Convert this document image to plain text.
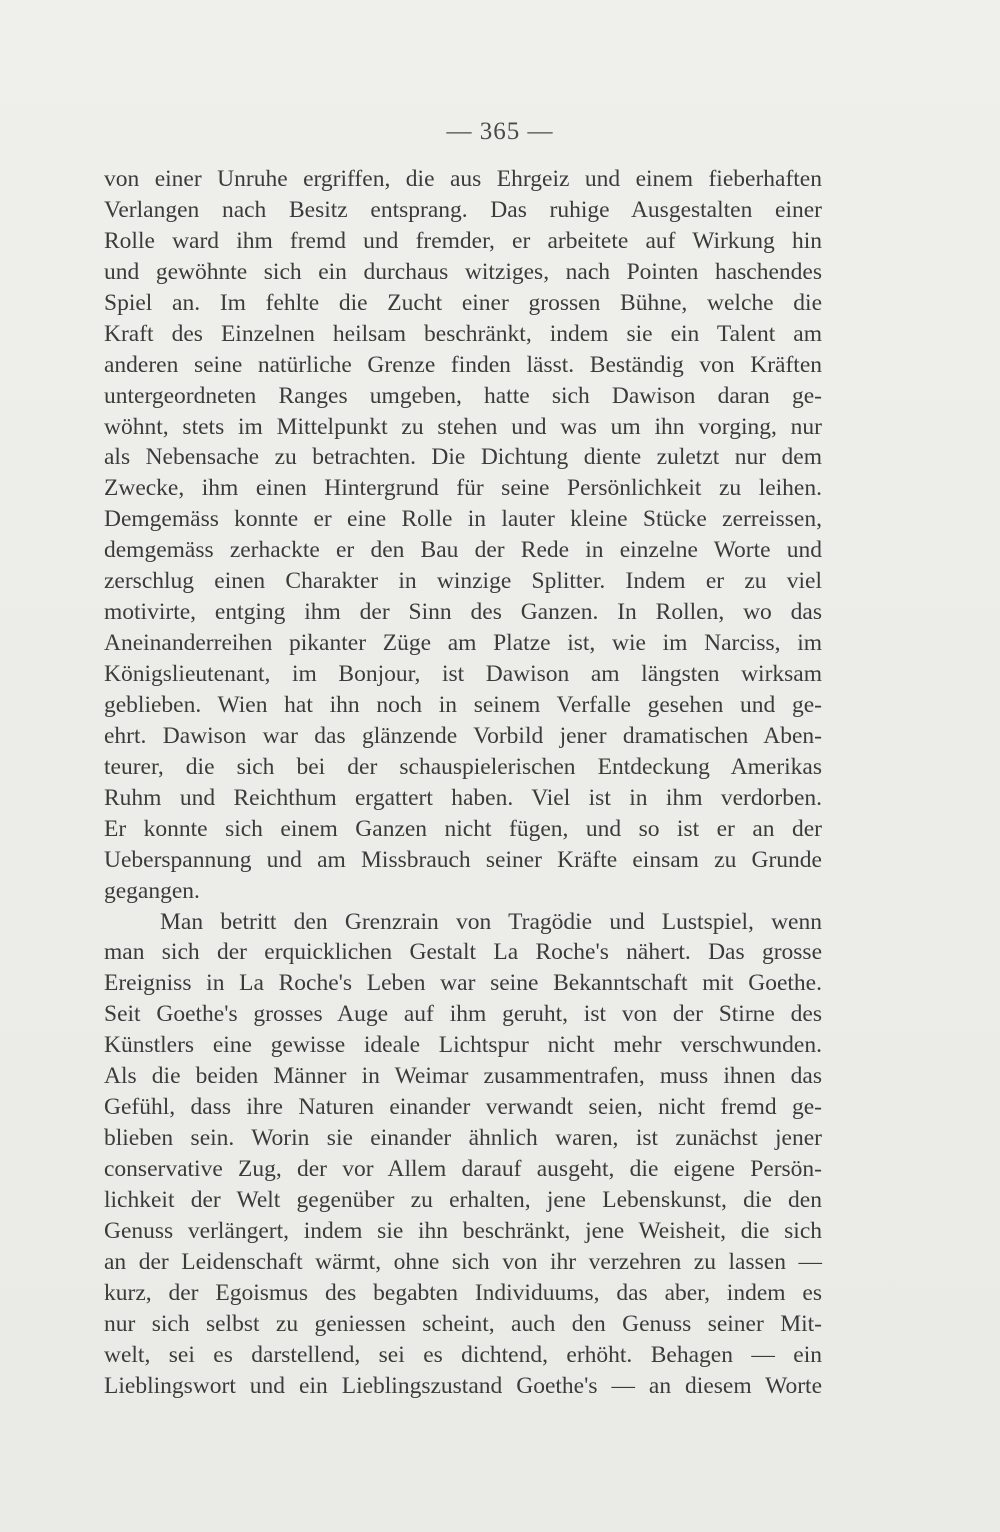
— 365 —
von einer Unruhe ergriffen, die aus Ehrgeiz und einem fieberhaften
Verlangen nach Besitz entsprang. Das ruhige Ausgestalten einer
Rolle ward ihm fremd und fremder, er arbeitete auf Wirkung hin
und gewöhnte sich ein durchaus witziges, nach Pointen haschendes
Spiel an. Im fehlte die Zucht einer grossen Bühne, welche die
Kraft des Einzelnen heilsam beschränkt, indem sie ein Talent am
anderen seine natürliche Grenze finden lässt. Beständig von Kräften
untergeordneten Ranges umgeben, hatte sich Dawison daran ge-
wöhnt, stets im Mittelpunkt zu stehen und was um ihn vorging, nur
als Nebensache zu betrachten. Die Dichtung diente zuletzt nur dem
Zwecke, ihm einen Hintergrund für seine Persönlichkeit zu leihen.
Demgemäss konnte er eine Rolle in lauter kleine Stücke zerreissen,
demgemäss zerhackte er den Bau der Rede in einzelne Worte und
zerschlug einen Charakter in winzige Splitter. Indem er zu viel
motivirte, entging ihm der Sinn des Ganzen. In Rollen, wo das
Aneinanderreihen pikanter Züge am Platze ist, wie im Narciss, im
Königslieutenant, im Bonjour, ist Dawison am längsten wirksam
geblieben. Wien hat ihn noch in seinem Verfalle gesehen und ge-
ehrt. Dawison war das glänzende Vorbild jener dramatischen Aben-
teurer, die sich bei der schauspielerischen Entdeckung Amerikas
Ruhm und Reichthum ergattert haben. Viel ist in ihm verdorben.
Er konnte sich einem Ganzen nicht fügen, und so ist er an der
Ueberspannung und am Missbrauch seiner Kräfte einsam zu Grunde
gegangen.
Man betritt den Grenzrain von Tragödie und Lustspiel, wenn
man sich der erquicklichen Gestalt La Roche's nähert. Das grosse
Ereigniss in La Roche's Leben war seine Bekanntschaft mit Goethe.
Seit Goethe's grosses Auge auf ihm geruht, ist von der Stirne des
Künstlers eine gewisse ideale Lichtspur nicht mehr verschwunden.
Als die beiden Männer in Weimar zusammentrafen, muss ihnen das
Gefühl, dass ihre Naturen einander verwandt seien, nicht fremd ge-
blieben sein. Worin sie einander ähnlich waren, ist zunächst jener
conservative Zug, der vor Allem darauf ausgeht, die eigene Persön-
lichkeit der Welt gegenüber zu erhalten, jene Lebenskunst, die den
Genuss verlängert, indem sie ihn beschränkt, jene Weisheit, die sich
an der Leidenschaft wärmt, ohne sich von ihr verzehren zu lassen —
kurz, der Egoismus des begabten Individuums, das aber, indem es
nur sich selbst zu geniessen scheint, auch den Genuss seiner Mit-
welt, sei es darstellend, sei es dichtend, erhöht. Behagen — ein
Lieblingswort und ein Lieblingszustand Goethe's — an diesem Worte
